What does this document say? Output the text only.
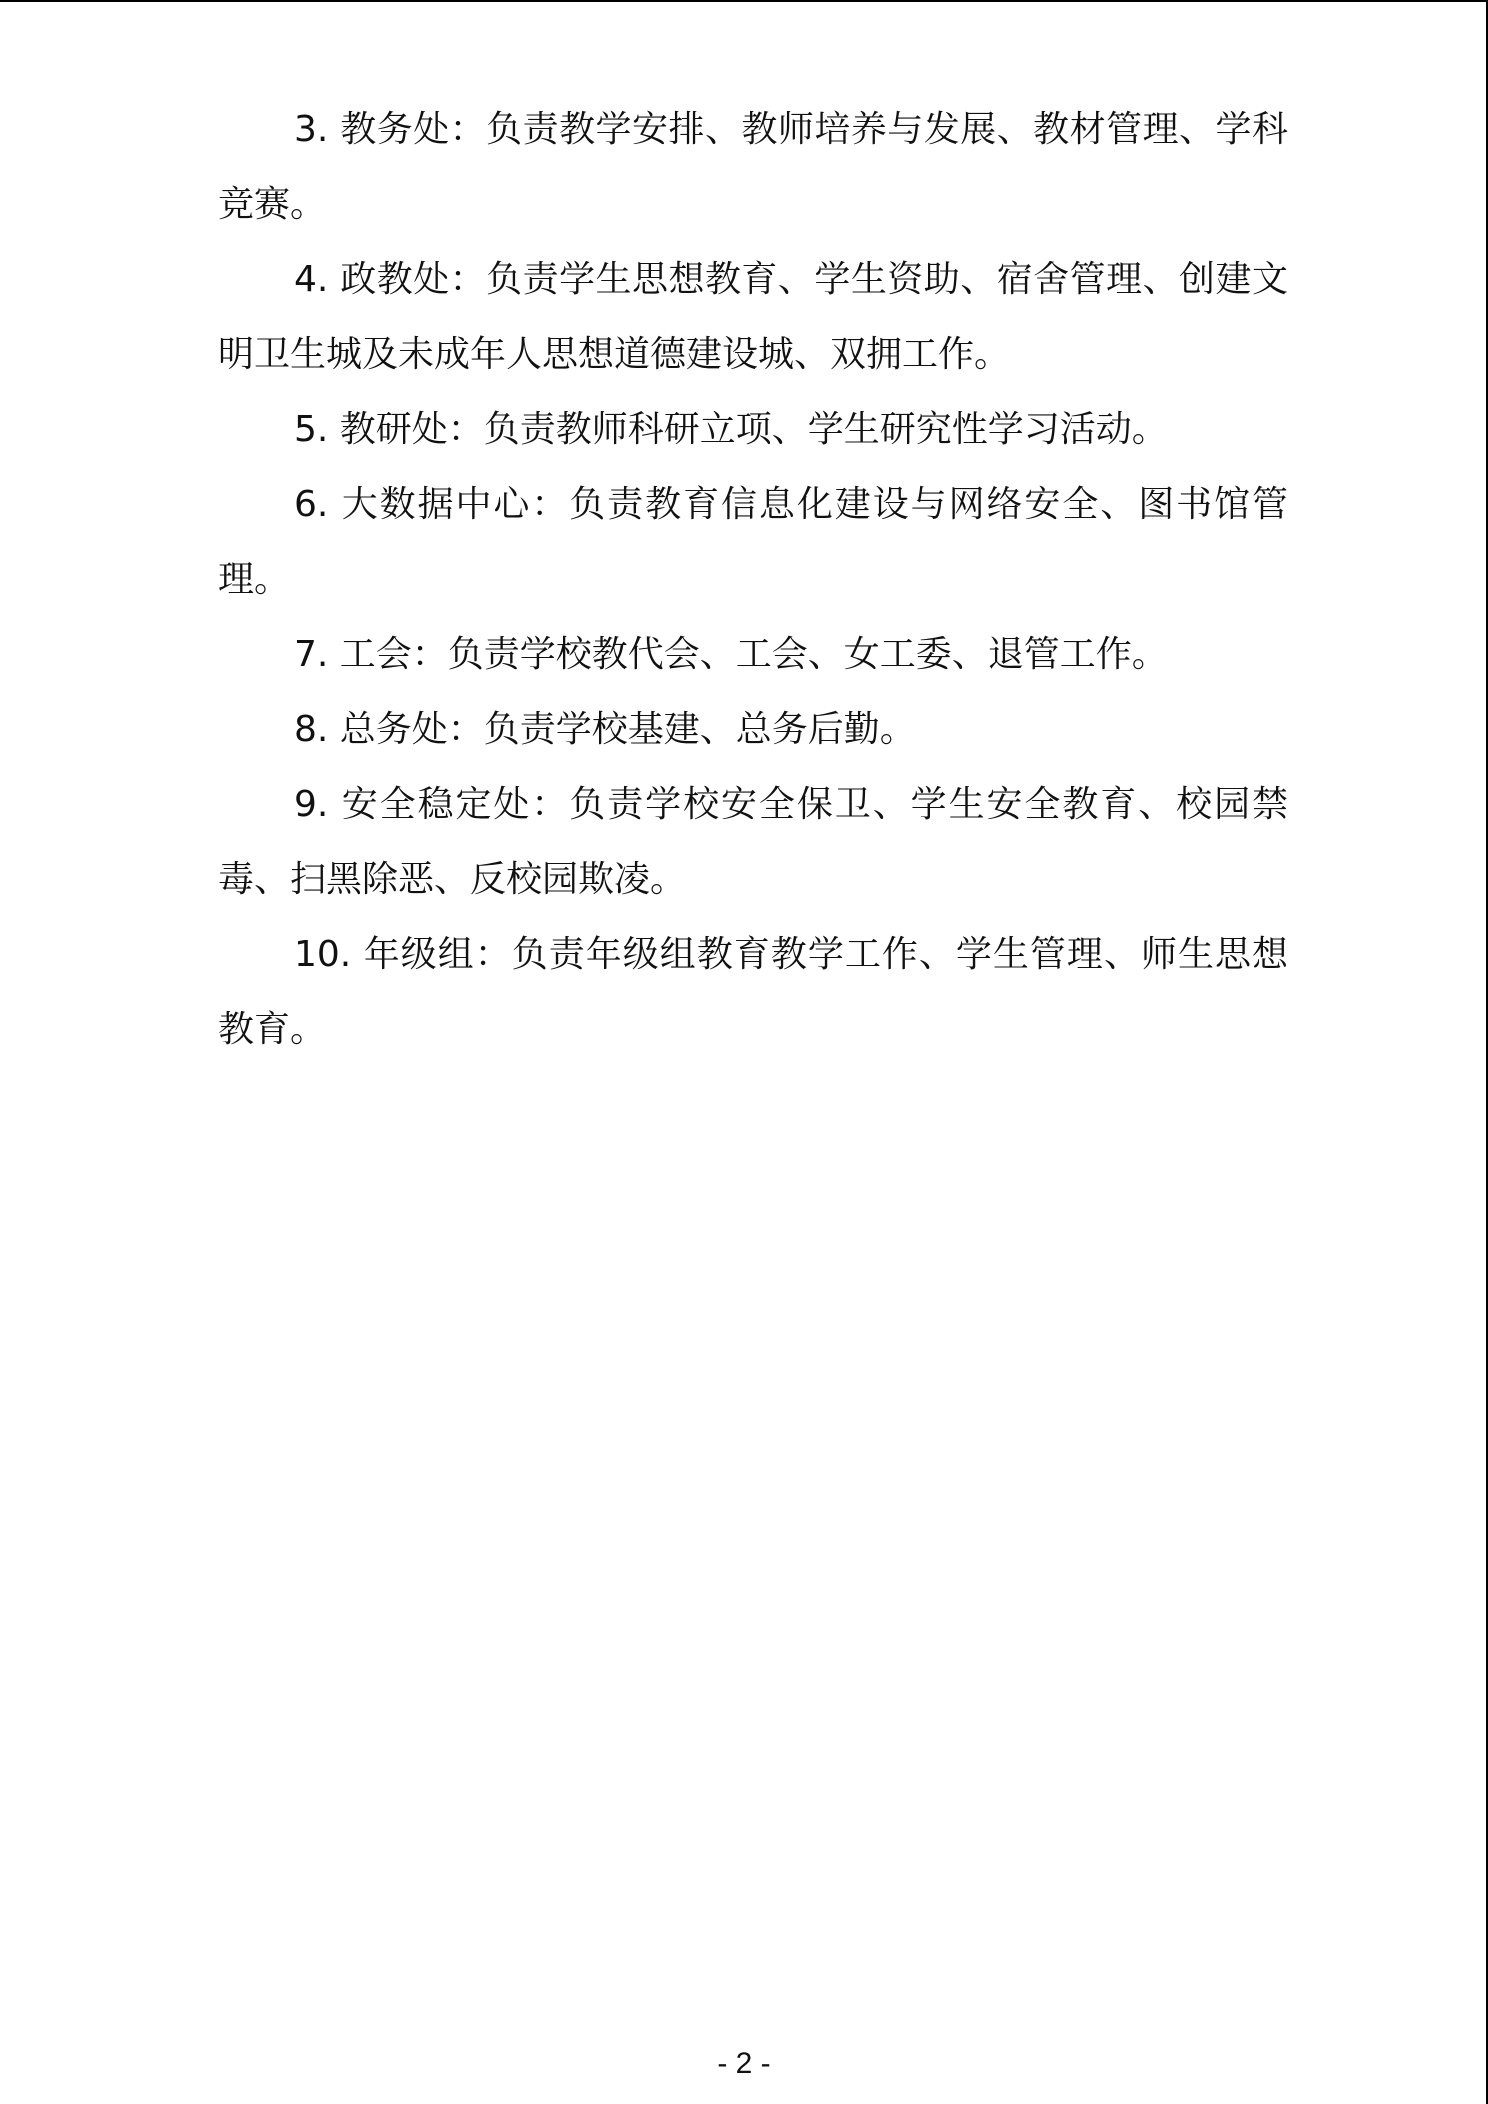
3. 教务处：负责教学安排、教师培养与发展、教材管理、学科竞赛。

4. 政教处：负责学生思想教育、学生资助、宿舍管理、创建文明卫生城及未成年人思想道德建设城、双拥工作。

5. 教研处：负责教师科研立项、学生研究性学习活动。

6. 大数据中心：负责教育信息化建设与网络安全、图书馆管理。

7. 工会：负责学校教代会、工会、女工委、退管工作。

8. 总务处：负责学校基建、总务后勤。

9. 安全稳定处：负责学校安全保卫、学生安全教育、校园禁毒、扫黑除恶、反校园欺凌。

10. 年级组：负责年级组教育教学工作、学生管理、师生思想教育。

- 2 -
